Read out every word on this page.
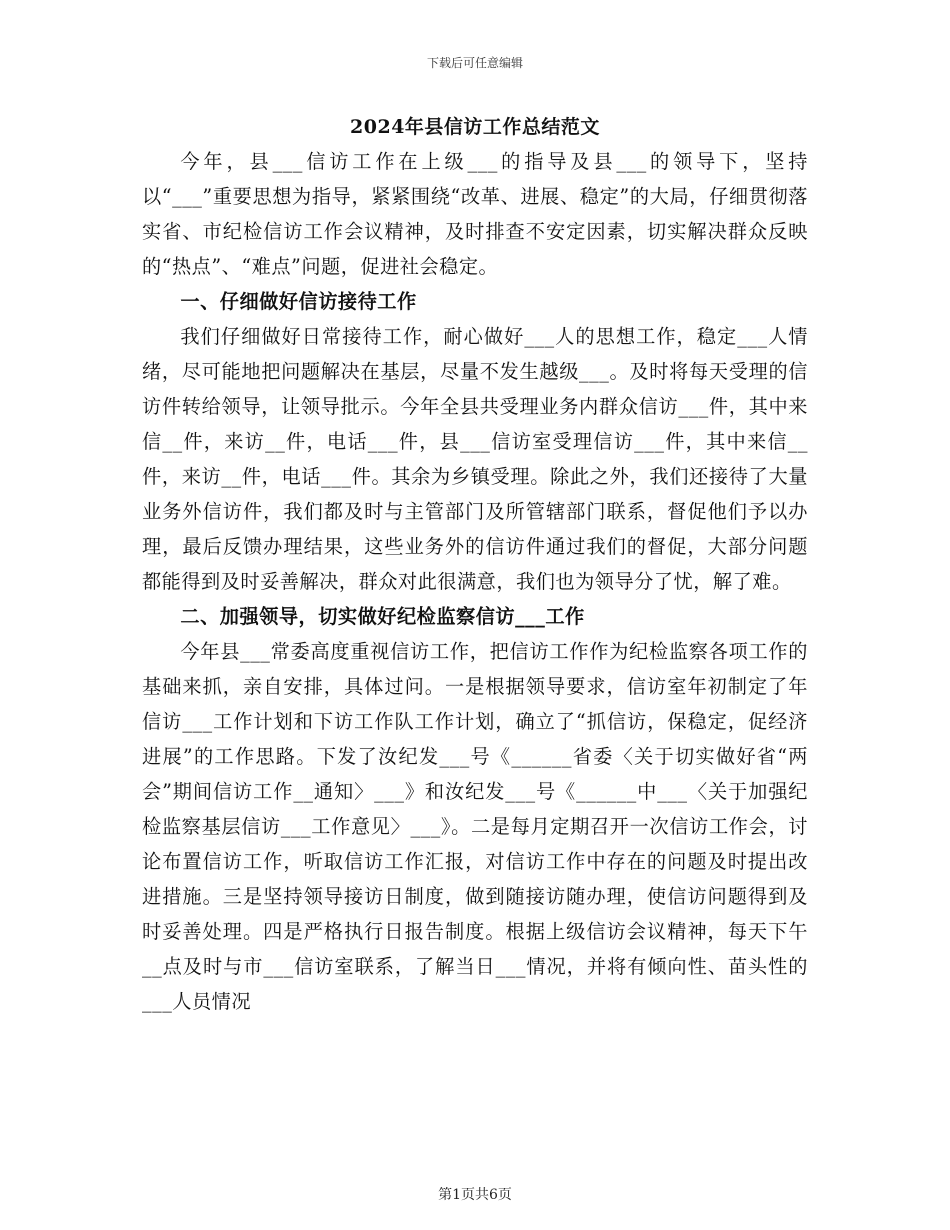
下载后可任意编辑
2024年县信访工作总结范文

今年，县___信访工作在上级___的指导及县___的领导下，坚持以“___”重要思想为指导，紧紧围绕“改革、进展、稳定”的大局，仔细贯彻落实省、市纪检信访工作会议精神，及时排查不安定因素，切实解决群众反映的“热点”、“难点”问题，促进社会稳定。

一、仔细做好信访接待工作

我们仔细做好日常接待工作，耐心做好___人的思想工作，稳定___人情绪，尽可能地把问题解决在基层，尽量不发生越级___。及时将每天受理的信访件转给领导，让领导批示。今年全县共受理业务内群众信访___件，其中来信__件，来访__件，电话___件，县___信访室受理信访___件，其中来信__件，来访__件，电话___件。其余为乡镇受理。除此之外，我们还接待了大量业务外信访件，我们都及时与主管部门及所管辖部门联系，督促他们予以办理，最后反馈办理结果，这些业务外的信访件通过我们的督促，大部分问题都能得到及时妥善解决，群众对此很满意，我们也为领导分了忧，解了难。

二、加强领导，切实做好纪检监察信访___工作

今年县___常委高度重视信访工作，把信访工作作为纪检监察各项工作的基础来抓，亲自安排，具体过问。一是根据领导要求，信访室年初制定了年信访___工作计划和下访工作队工作计划，确立了“抓信访，保稳定，促经济进展”的工作思路。下发了汝纪发___号《______省委〈关于切实做好省“两会”期间信访工作__通知〉___》和汝纪发___号《______中___〈关于加强纪检监察基层信访___工作意见〉___》。二是每月定期召开一次信访工作会，讨论布置信访工作，听取信访工作汇报，对信访工作中存在的问题及时提出改进措施。三是坚持领导接访日制度，做到随接访随办理，使信访问题得到及时妥善处理。四是严格执行日报告制度。根据上级信访会议精神，每天下午__点及时与市___信访室联系，了解当日___情况，并将有倾向性、苗头性的___人员情况

第1页共6页
